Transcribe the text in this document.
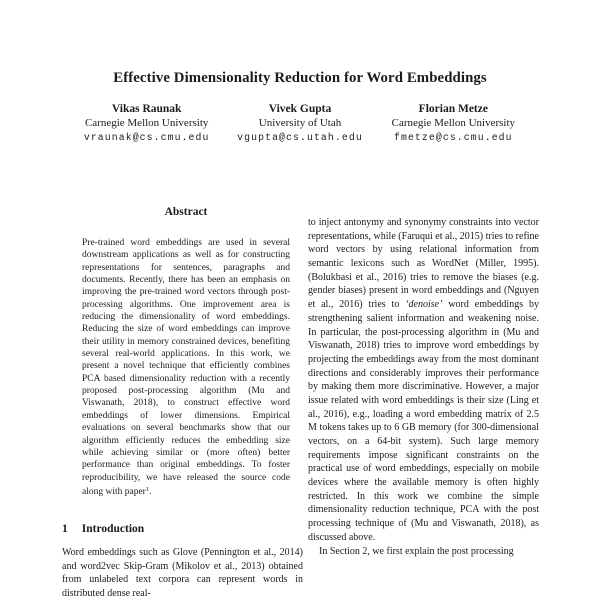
Effective Dimensionality Reduction for Word Embeddings
Vikas Raunak
Carnegie Mellon University
vraunak@cs.cmu.edu
Vivek Gupta
University of Utah
vgupta@cs.utah.edu
Florian Metze
Carnegie Mellon University
fmetze@cs.cmu.edu
Abstract
Pre-trained word embeddings are used in several downstream applications as well as for constructing representations for sentences, paragraphs and documents. Recently, there has been an emphasis on improving the pre-trained word vectors through post-processing algorithms. One improvement area is reducing the dimensionality of word embeddings. Reducing the size of word embeddings can improve their utility in memory constrained devices, benefiting several real-world applications. In this work, we present a novel technique that efficiently combines PCA based dimensionality reduction with a recently proposed post-processing algorithm (Mu and Viswanath, 2018), to construct effective word embeddings of lower dimensions. Empirical evaluations on several benchmarks show that our algorithm efficiently reduces the embedding size while achieving similar or (more often) better performance than original embeddings. To foster reproducibility, we have released the source code along with paper$^1$.
1 Introduction
Word embeddings such as Glove (Pennington et al., 2014) and word2vec Skip-Gram (Mikolov et al., 2013) obtained from unlabeled text corpora can represent words in distributed dense real-

to inject antonymy and synonymy constraints into vector representations, while (Faruqui et al., 2015) tries to refine word vectors by using relational information from semantic lexicons such as WordNet (Miller, 1995). (Bolukbasi et al., 2016) tries to remove the biases (e.g. gender biases) present in word embeddings and (Nguyen et al., 2016) tries to ‘denoise’ word embeddings by strengthening salient information and weakening noise. In particular, the post-processing algorithm in (Mu and Viswanath, 2018) tries to improve word embeddings by projecting the embeddings away from the most dominant directions and considerably improves their performance by making them more discriminative. However, a major issue related with word embeddings is their size (Ling et al., 2016), e.g., loading a word embedding matrix of 2.5 M tokens takes up to 6 GB memory (for 300-dimensional vectors, on a 64-bit system). Such large memory requirements impose significant constraints on the practical use of word embeddings, especially on mobile devices where the available memory is often highly restricted. In this work we combine the simple dimensionality reduction technique, PCA with the post processing technique of (Mu and Viswanath, 2018), as discussed above.

In Section 2, we first explain the post processing
